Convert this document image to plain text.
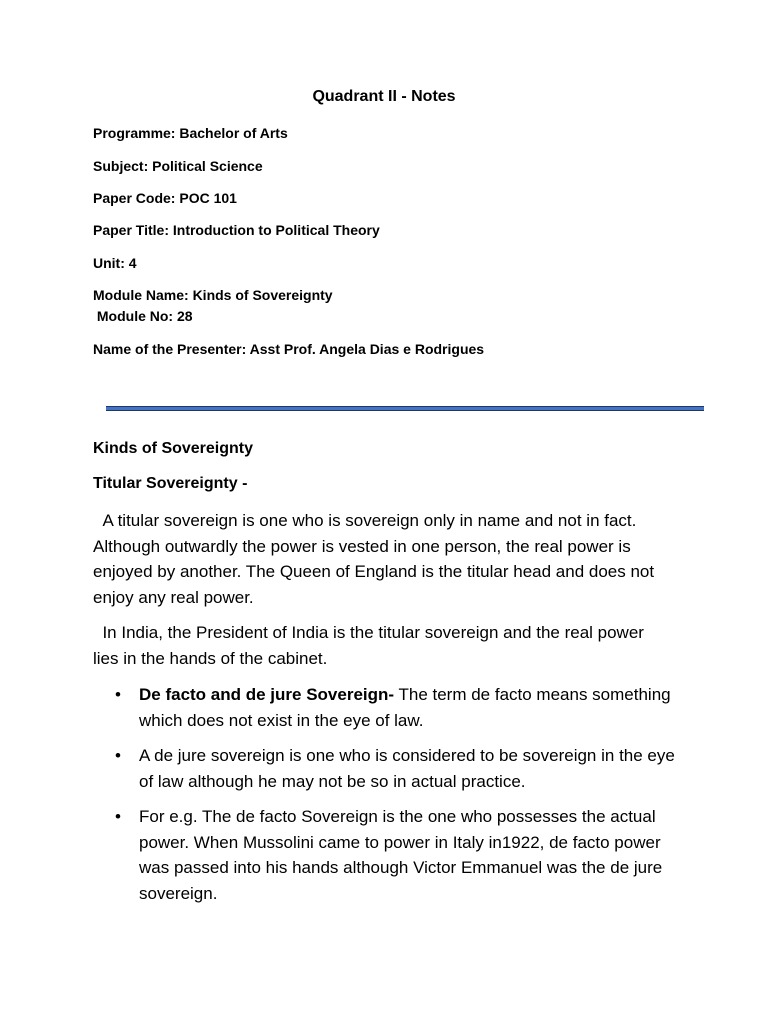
Quadrant II - Notes
Programme: Bachelor of Arts
Subject: Political Science
Paper Code: POC 101
Paper Title: Introduction to Political Theory
Unit: 4
Module Name: Kinds of Sovereignty
Module No: 28
Name of the Presenter: Asst Prof. Angela Dias e Rodrigues
Kinds of Sovereignty
Titular Sovereignty -
A titular sovereign is one who is sovereign only in name and not in fact. Although outwardly the power is vested in one person, the real power is enjoyed by another. The Queen of England is the titular head and does not enjoy any real power.
In India, the President of India is the titular sovereign and the real power lies in the hands of the cabinet.
• De facto and de jure Sovereign- The term de facto means something which does not exist in the eye of law.
• A de jure sovereign is one who is considered to be sovereign in the eye of law although he may not be so in actual practice.
• For e.g. The de facto Sovereign is the one who possesses the actual power. When Mussolini came to power in Italy in1922, de facto power was passed into his hands although Victor Emmanuel was the de jure sovereign.
